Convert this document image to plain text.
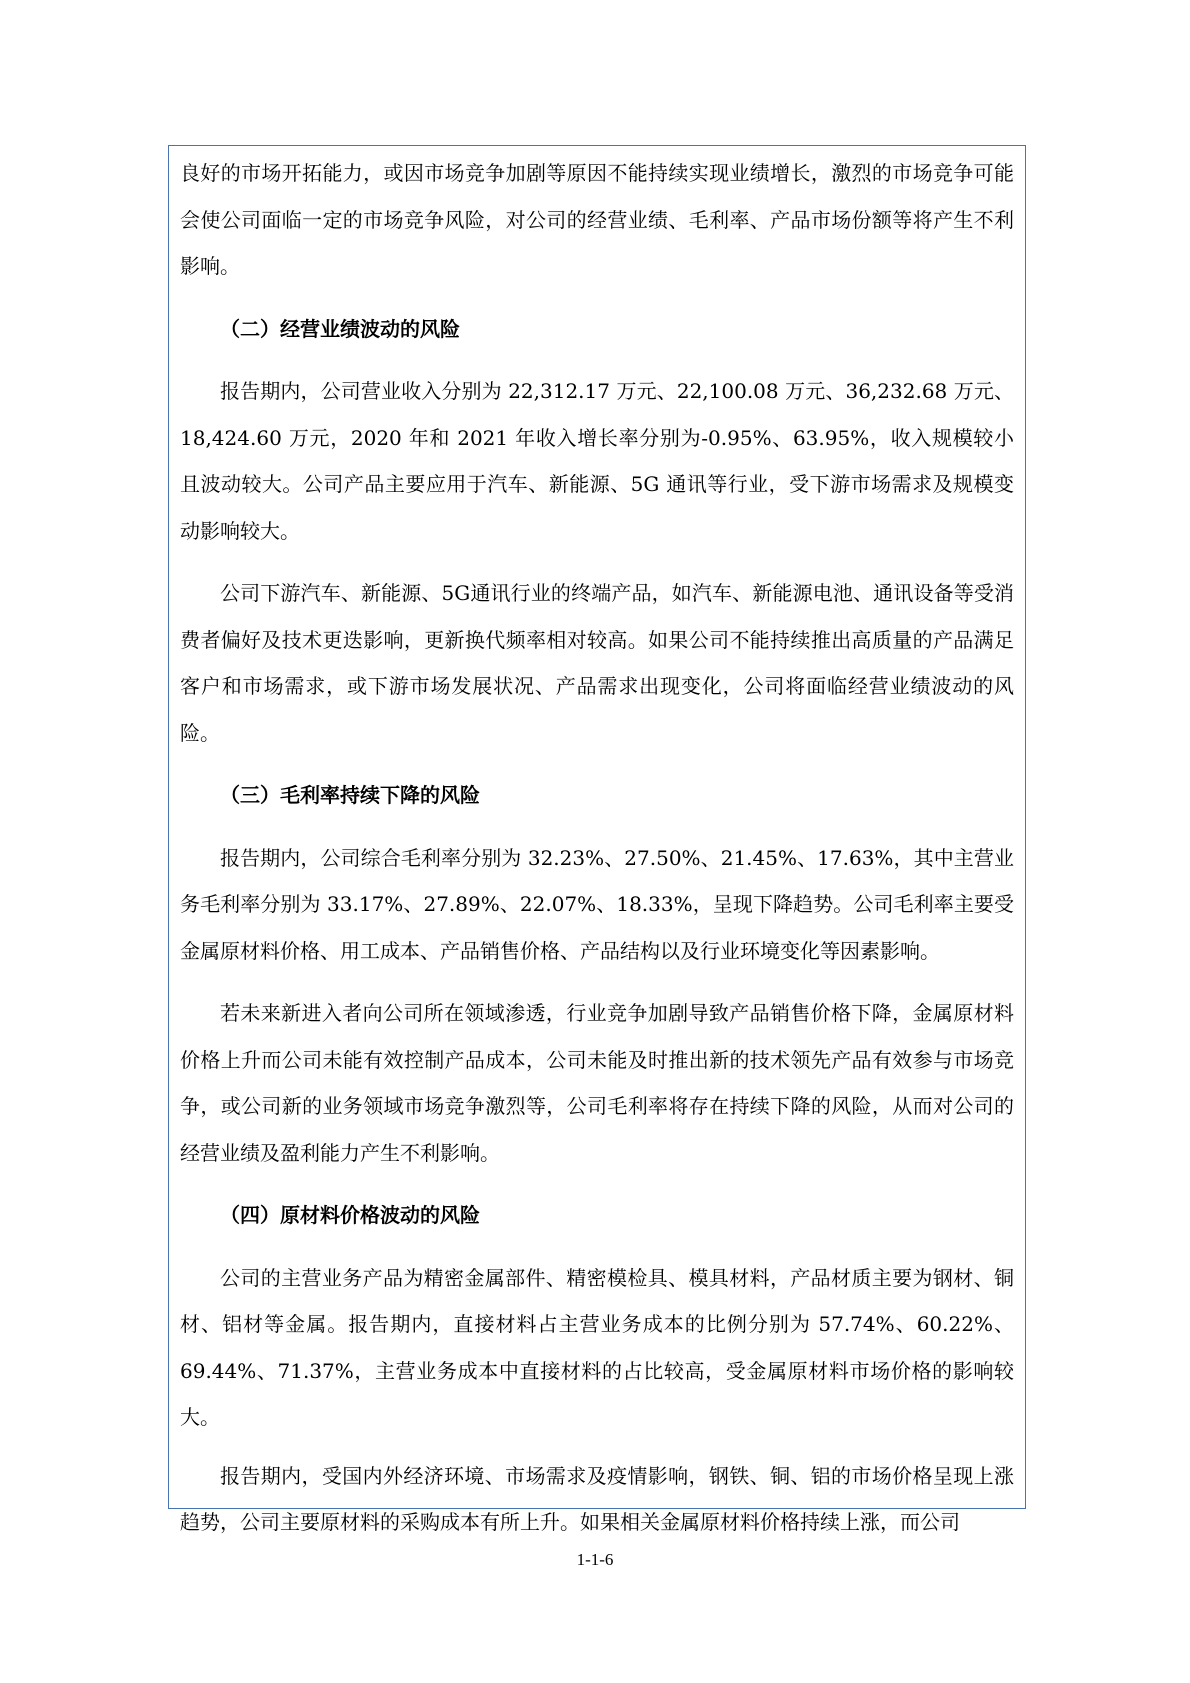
良好的市场开拓能力，或因市场竞争加剧等原因不能持续实现业绩增长，激烈的市场竞争可能会使公司面临一定的市场竞争风险，对公司的经营业绩、毛利率、产品市场份额等将产生不利影响。

（二）经营业绩波动的风险

报告期内，公司营业收入分别为 22,312.17 万元、22,100.08 万元、36,232.68 万元、18,424.60 万元，2020 年和 2021 年收入增长率分别为-0.95%、63.95%，收入规模较小且波动较大。公司产品主要应用于汽车、新能源、5G 通讯等行业，受下游市场需求及规模变动影响较大。

公司下游汽车、新能源、5G通讯行业的终端产品，如汽车、新能源电池、通讯设备等受消费者偏好及技术更迭影响，更新换代频率相对较高。如果公司不能持续推出高质量的产品满足客户和市场需求，或下游市场发展状况、产品需求出现变化，公司将面临经营业绩波动的风险。

（三）毛利率持续下降的风险

报告期内，公司综合毛利率分别为 32.23%、27.50%、21.45%、17.63%，其中主营业务毛利率分别为 33.17%、27.89%、22.07%、18.33%，呈现下降趋势。公司毛利率主要受金属原材料价格、用工成本、产品销售价格、产品结构以及行业环境变化等因素影响。

若未来新进入者向公司所在领域渗透，行业竞争加剧导致产品销售价格下降，金属原材料价格上升而公司未能有效控制产品成本，公司未能及时推出新的技术领先产品有效参与市场竞争，或公司新的业务领域市场竞争激烈等，公司毛利率将存在持续下降的风险，从而对公司的经营业绩及盈利能力产生不利影响。

（四）原材料价格波动的风险

公司的主营业务产品为精密金属部件、精密模检具、模具材料，产品材质主要为钢材、铜材、铝材等金属。报告期内，直接材料占主营业务成本的比例分别为 57.74%、60.22%、69.44%、71.37%，主营业务成本中直接材料的占比较高，受金属原材料市场价格的影响较大。

报告期内，受国内外经济环境、市场需求及疫情影响，钢铁、铜、铝的市场价格呈现上涨趋势，公司主要原材料的采购成本有所上升。如果相关金属原材料价格持续上涨，而公司

1-1-6
